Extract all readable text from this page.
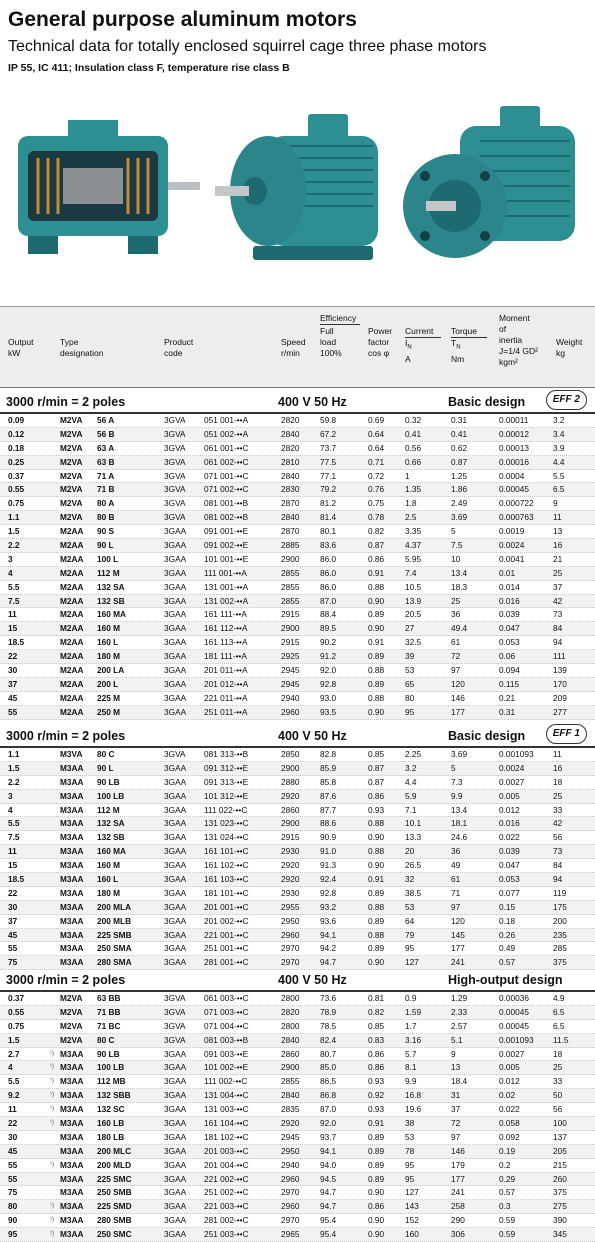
General purpose aluminum motors

Technical data for totally enclosed squirrel cage three phase motors

IP 55, IC 411; Insulation class F, temperature rise class B

Output
kW
Type
designation
Product
code
Speed
r/min
Efficiency
Full
load
100%
Power
factor
cos φ
Current
$I_N$
A
Torque
$T_N$
Nm
Moment
of
inertia
J=1/4 GD²
kgm²
Weight
kg
3000 r/min = 2 poles	400 V 50 Hz	Basic design	EFF 2
0.09	M2VA 56 A	3GVA 051 001-••A	2820 59.8	0.69	0.32	0.31	0.00011	3.2
0.12	M2VA 56 B	3GVA 051 002-••A	2840 67.2	0.64	0.41	0.41	0.00012	3.4
0.18	M2VA 63 A	3GVA 061 001-••C	2820 73.7	0.64	0.56	0.62	0.00013	3.9
0.25	M2VA 63 B	3GVA 061 002-••C	2810 77.5	0.71	0.66	0.87	0.00016	4.4
0.37	M2VA 71 A	3GVA 071 001-••C	2840 77.1	0.72	1	1.25	0.0004	5.5
0.55	M2VA 71 B	3GVA 071 002-••C	2830 79.2	0.76	1.35	1.86	0.00045	6.5
0.75	M2VA 80 A	3GVA 081 001-••B	2870 81.2	0.75	1.8	2.49	0.000722 9
1.1	M2VA 80 B	3GVA 081 002-••B	2840 81.4	0.78	2.5	3.69	0.000763 11
1.5	M2AA 90 S	3GAA 091 001-••E	2870 80.1	0.82	3.35	5	0.0019	13
2.2	M2AA 90 L	3GAA 091 002-••E	2885 83.6	0.87	4.37	7.5	0.0024	16
3	M2AA 100 L	3GAA 101 001-••E	2900 86.0	0.86	5.95	10	0.0041	21
4	M2AA 112 M	3GAA 111 001-••A	2855 86.0	0.91	7.4	13.4	0.01	25
5.5	M2AA 132 SA	3GAA 131 001-••A	2855 86.0	0.88	10.5	18.3	0.014	37
7.5	M2AA 132 SB	3GAA 131 002-••A	2855 87.0	0.90	13.9	25	0.016	42
11	M2AA 160 MA	3GAA 161 111-••A	2915 88.4	0.89	20.5	36	0.039	73
15	M2AA 160 M	3GAA 161 112-••A	2900 89.5	0.90	27	49.4	0.047	84
18.5	M2AA 160 L	3GAA 161 113-••A	2915 90.2	0.91	32.5	61	0.053	94
22	M2AA 180 M	3GAA 181 111-••A	2925 91.2	0.89	39	72	0.06	111
30	M2AA 200 LA	3GAA 201 011-••A	2945 92.0	0.88	53	97	0.094	139
37	M2AA 200 L	3GAA 201 012-••A	2945 92.8	0.89	65	120	0.115	170
45	M2AA 225 M	3GAA 221 011-••A	2940 93.0	0.88	80	146	0.21	209
55	M2AA 250 M	3GAA 251 011-••A	2960 93.5	0.90	95	177	0.31	277
3000 r/min = 2 poles	400 V 50 Hz	Basic design	EFF 1
1.1	M3VA 80 C	3GVA 081 313-••B	2850 82.8	0.85	2.25	3.69	0.001093 11
1.5	M3AA 90 L	3GAA 091 312-••E	2900 85.9	0.87	3.2	5	0.0024	16
2.2	M3AA 90 LB	3GAA 091 313-••E	2880 85.8	0.87	4.4	7.3	0.0027	18
3	M3AA 100 LB	3GAA 101 312-••E	2920 87.6	0.86	5.9	9.9	0.005	25
4	M3AA 112 M	3GAA 111 022-••C	2860 87.7	0.93	7.1	13.4	0.012	33
5.5	M3AA 132 SA	3GAA 131 023-••C	2900 88.6	0.88	10.1	18.1	0.016	42
7.5	M3AA 132 SB	3GAA 131 024-••C	2915 90.9	0.90	13.3	24.6	0.022	56
11	M3AA 160 MA	3GAA 161 101-••C	2930 91.0	0.88	20	36	0.039	73
15	M3AA 160 M	3GAA 161 102-••C	2920 91.3	0.90	26.5	49	0.047	84
18.5	M3AA 160 L	3GAA 161 103-••C	2920 92.4	0.91	32	61	0.053	94
22	M3AA 180 M	3GAA 181 101-••C	2930 92.8	0.89	38.5	71	0.077	119
30	M3AA 200 MLA	3GAA 201 001-••C	2955 93.2	0.88	53	97	0.15	175
37	M3AA 200 MLB	3GAA 201 002-••C	2950 93.6	0.89	64	120	0.18	200
45	M3AA 225 SMB	3GAA 221 001-••C	2960 94.1	0.88	79	145	0.26	235
55	M3AA 250 SMA	3GAA 251 001-••C	2970 94.2	0.89	95	177	0.49	285
75	M3AA 280 SMA	3GAA 281 001-••C	2970 94.7	0.90	127	241	0.57	375
3000 r/min = 2 poles	400 V 50 Hz	High-output design
0.37	M2VA 63 BB	3GVA 061 003-••C	2800 73.6	0.81	0.9	1.29	0.00036	4.9
0.55	M2VA 71 BB	3GVA 071 003-••C	2820 78.9	0.82	1.59	2.33	0.00045	6.5
0.75	M2VA 71 BC	3GVA 071 004-••C	2800 78.5	0.85	1.7	2.57	0.00045	6.5
1.5	M2VA 80 C	3GVA 081 003-••B	2840 82.4	0.83	3.16	5.1	0.001093 11.5
2.7	¹) M3AA 90 LB	3GAA 091 003-••E	2860 80.7	0.86	5.7	9	0.0027	18
4	¹) M3AA 100 LB	3GAA 101 002-••E	2900 85.0	0.86	8.1	13	0.005	25
5.5	¹) M3AA 112 MB	3GAA 111 002-••C	2855 86.5	0.93	9.9	18.4	0.012	33
9.2	¹) M3AA 132 SBB	3GAA 131 004-••C	2840 86.8	0.92	16.8	31	0.02	50
11	¹) M3AA 132 SC	3GAA 131 003-••C	2835 87.0	0.93	19.6	37	0.022	56
22	¹) M3AA 160 LB	3GAA 161 104-••C	2920 92.0	0.91	38	72	0.058	100
30	M3AA 180 LB	3GAA 181 102-••C	2945 93.7	0.89	53	97	0.092	137
45	M3AA 200 MLC	3GAA 201 003-••C	2950 94.1	0.89	78	146	0.19	205
55	¹) M3AA 200 MLD	3GAA 201 004-••C	2940 94.0	0.89	95	179	0.2	215
55	M3AA 225 SMC	3GAA 221 002-••C	2960 94.5	0.89	95	177	0.29	260
75	M3AA 250 SMB	3GAA 251 002-••C	2970 94.7	0.90	127	241	0.57	375
80	¹) M3AA 225 SMD	3GAA 221 003-••C	2960 94.7	0.86	143	258	0.3	275
90	¹) M3AA 280 SMB	3GAA 281 002-••C	2970 95.4	0.90	152	290	0.59	390
95	¹) M3AA 250 SMC	3GAA 251 003-••C	2965 95.4	0.90	160	306	0.59	345
